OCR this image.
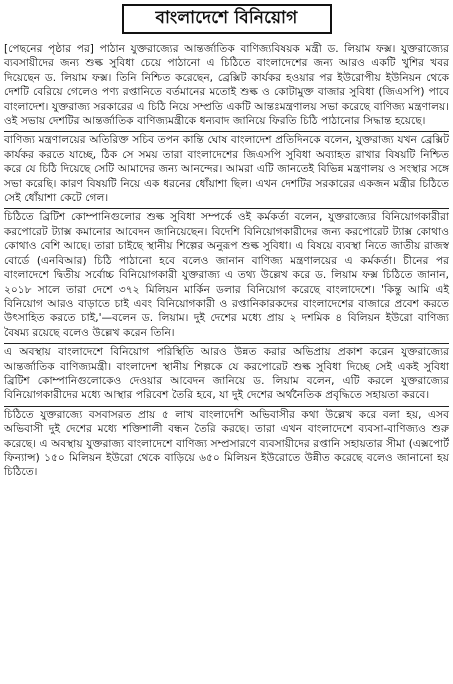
বাংলাদেশে বিনিয়োগ

[পেছনের পৃষ্ঠার পর] পাঠান যুক্তরাজ্যের আন্তর্জাতিক বাণিজ্যবিষয়ক মন্ত্রী ড. লিয়াম ফক্স। যুক্তরাজ্যের ব্যবসায়ীদের জন্য শুল্ক সুবিধা চেয়ে পাঠানো এ চিঠিতে বাংলাদেশের জন্য আরও একটি খুশির খবর দিয়েছেন ড. লিয়াম ফক্স। তিনি নিশ্চিত করেছেন, ব্রেক্সিট কার্যকর হওয়ার পর ইউরোপীয় ইউনিয়ন থেকে দেশটি বেরিয়ে গেলেও পণ্য রপ্তানিতে বর্তমানের মতোই শুল্ক ও কোটামুক্ত বাজার সুবিধা (জিএসপি) পাবে বাংলাদেশ। যুক্তরাজ্য সরকারের এ চিঠি নিয়ে সম্প্রতি একটি আন্তঃমন্ত্রণালয় সভা করেছে বাণিজ্য মন্ত্রণালয়। ওই সভায় দেশটির আন্তর্জাতিক বাণিজ্যমন্ত্রীকে ধন্যবাদ জানিয়ে ফিরতি চিঠি পাঠানোর সিদ্ধান্ত হয়েছে।

বাণিজ্য মন্ত্রণালয়ের অতিরিক্ত সচিব তপন কান্তি ঘোষ বাংলাদেশ প্রতিদিনকে বলেন, যুক্তরাজ্য যখন ব্রেক্সিট কার্যকর করতে যাচ্ছে, ঠিক সে সময় তারা বাংলাদেশের জিএসপি সুবিধা অব্যাহত রাখার বিষয়টি নিশ্চিত করে যে চিঠি দিয়েছে সেটি আমাদের জন্য আনন্দের। আমরা এটি জানতেই বিভিন্ন মন্ত্রণালয় ও সংস্থার সঙ্গে সভা করেছি। কারণ বিষয়টি নিয়ে এক ধরনের ধোঁয়াশা ছিল। এখন দেশটির সরকারের একজন মন্ত্রীর চিঠিতে সেই ধোঁয়াশা কেটে গেল।

চিঠিতে ব্রিটিশ কোম্পানিগুলোর শুল্ক সুবিধা সম্পর্কে ওই কর্মকর্তা বলেন, যুক্তরাজ্যের বিনিয়োগকারীরা করপোরেট ট্যাক্স কমানোর আবেদন জানিয়েছেন। বিদেশি বিনিয়োগকারীদের জন্য করপোরেট ট্যাক্স কোথাও কোথাও বেশি আছে। তারা চাইছে স্থানীয় শিল্পের অনুরূপ শুল্ক সুবিধা। এ বিষয়ে ব্যবস্থা নিতে জাতীয় রাজস্ব বোর্ডে (এনবিআর) চিঠি পাঠানো হবে বলেও জানান বাণিজ্য মন্ত্রণালয়ের এ কর্মকর্তা। চীনের পর বাংলাদেশে দ্বিতীয় সর্বোচ্চ বিনিয়োগকারী যুক্তরাজ্য এ তথ্য উল্লেখ করে ড. লিয়াম ফক্স চিঠিতে জানান, ২০১৮ সালে তারা দেশে ৩৭২ মিলিয়ন মার্কিন ডলার বিনিয়োগ করেছে বাংলাদেশে। 'কিন্তু আমি এই বিনিয়োগ আরও বাড়াতে চাই এবং বিনিয়োগকারী ও রপ্তানিকারকদের বাংলাদেশের বাজারে প্রবেশ করতে উৎসাহিত করতে চাই,'—বলেন ড. লিয়াম। দুই দেশের মধ্যে প্রায় ২ দশমিক ৪ বিলিয়ন ইউরো বাণিজ্য বৈষম্য রয়েছে বলেও উল্লেখ করেন তিনি।

এ অবস্থায় বাংলাদেশে বিনিয়োগ পরিস্থিতি আরও উন্নত করার অভিপ্রায় প্রকাশ করেন যুক্তরাজ্যের আন্তর্জাতিক বাণিজ্যমন্ত্রী। বাংলাদেশ স্থানীয় শিল্পকে যে করপোরেট শুল্ক সুবিধা দিচ্ছে সেই একই সুবিধা ব্রিটিশ কোম্পানিগুলোকেও দেওয়ার আবেদন জানিয়ে ড. লিয়াম বলেন, এটি করলে যুক্তরাজ্যের বিনিয়োগকারীদের মধ্যে আস্থার পরিবেশ তৈরি হবে, যা দুই দেশের অর্থনৈতিক প্রবৃদ্ধিতে সহায়তা করবে।

চিঠিতে যুক্তরাজ্যে বসবাসরত প্রায় ৫ লাখ বাংলাদেশি অভিবাসীর কথা উল্লেখ করে বলা হয়, এসব অভিবাসী দুই দেশের মধ্যে শক্তিশালী বন্ধন তৈরি করছে। তারা এখন বাংলাদেশে ব্যবসা-বাণিজ্যও শুরু করেছে। এ অবস্থায় যুক্তরাজ্য বাংলাদেশে বাণিজ্য সম্প্রসারণে ব্যবসায়ীদের রপ্তানি সহায়তার সীমা (এক্সপোর্ট ফিন্যান্স) ১৫০ মিলিয়ন ইউরো থেকে বাড়িয়ে ৬৫০ মিলিয়ন ইউরোতে উন্নীত করেছে বলেও জানানো হয় চিঠিতে।
